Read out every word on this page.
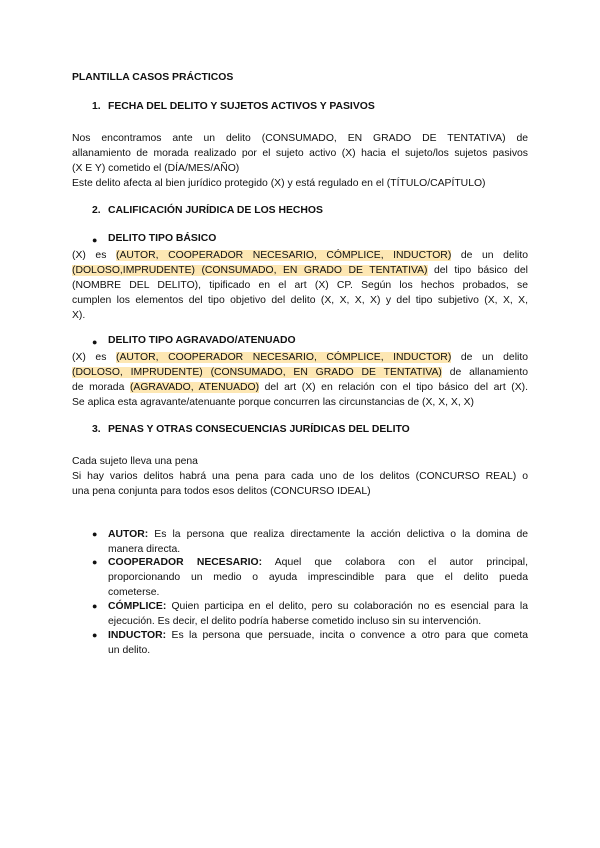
PLANTILLA CASOS PRÁCTICOS
1. FECHA DEL DELITO Y SUJETOS ACTIVOS Y PASIVOS
Nos encontramos ante un delito (CONSUMADO, EN GRADO DE TENTATIVA) de
allanamiento de morada realizado por el sujeto activo (X) hacia el sujeto/los sujetos pasivos
(X E Y) cometido el (DÍA/MES/AÑO)
Este delito afecta al bien jurídico protegido (X) y está regulado en el (TÍTULO/CAPÍTULO)
2. CALIFICACIÓN JURÍDICA DE LOS HECHOS
● DELITO TIPO BÁSICO
(X) es (AUTOR, COOPERADOR NECESARIO, CÓMPLICE, INDUCTOR) de un delito
(DOLOSO,IMPRUDENTE) (CONSUMADO, EN GRADO DE TENTATIVA) del tipo básico del
(NOMBRE DEL DELITO), tipificado en el art (X) CP. Según los hechos probados, se
cumplen los elementos del tipo objetivo del delito (X, X, X, X) y del tipo subjetivo (X, X, X,
X).
● DELITO TIPO AGRAVADO/ATENUADO
(X) es (AUTOR, COOPERADOR NECESARIO, CÓMPLICE, INDUCTOR) de un delito
(DOLOSO, IMPRUDENTE) (CONSUMADO, EN GRADO DE TENTATIVA) de allanamiento
de morada (AGRAVADO, ATENUADO) del art (X) en relación con el tipo básico del art (X).
Se aplica esta agravante/atenuante porque concurren las circunstancias de (X, X, X, X)
3. PENAS Y OTRAS CONSECUENCIAS JURÍDICAS DEL DELITO
Cada sujeto lleva una pena
Si hay varios delitos habrá una pena para cada uno de los delitos (CONCURSO REAL) o
una pena conjunta para todos esos delitos (CONCURSO IDEAL)
● AUTOR: Es la persona que realiza directamente la acción delictiva o la domina de
manera directa.
● COOPERADOR NECESARIO: Aquel que colabora con el autor principal,
proporcionando un medio o ayuda imprescindible para que el delito pueda
cometerse.
● CÓMPLICE: Quien participa en el delito, pero su colaboración no es esencial para la
ejecución. Es decir, el delito podría haberse cometido incluso sin su intervención.
● INDUCTOR: Es la persona que persuade, incita o convence a otro para que cometa
un delito.
